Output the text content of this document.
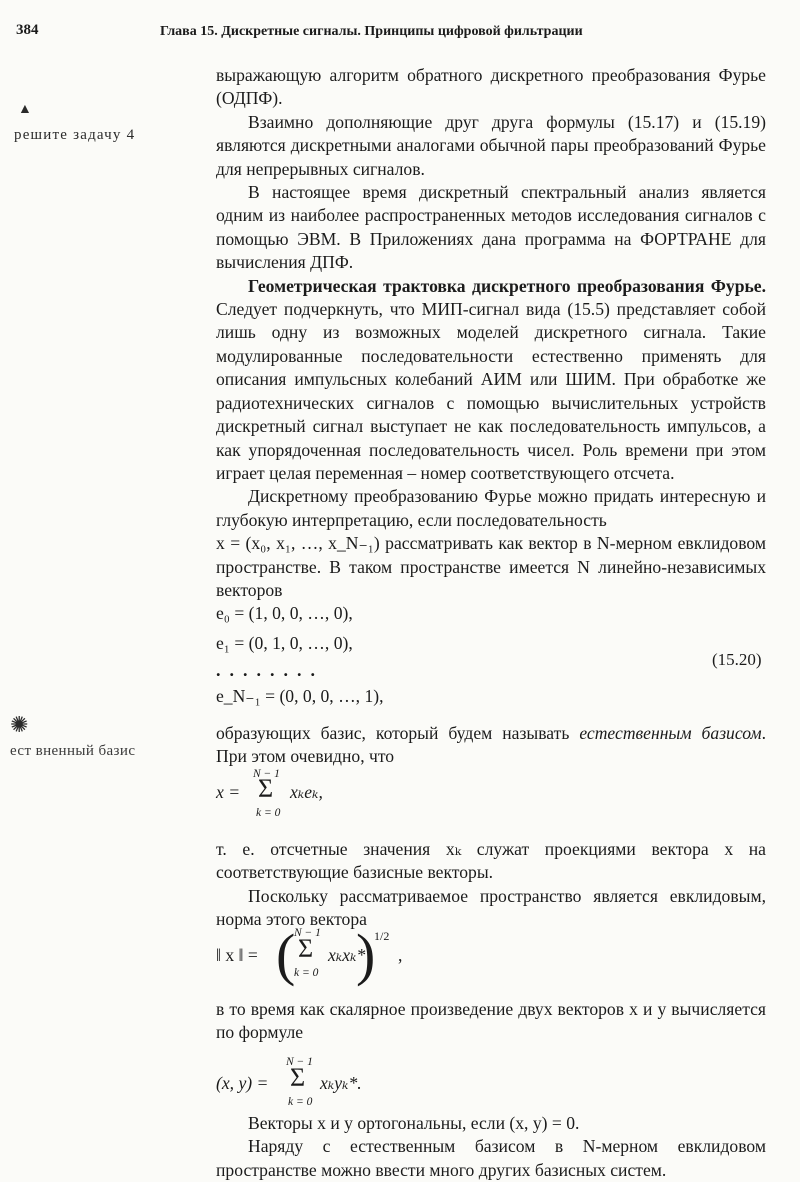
384	Глава 15. Дискретные сигналы. Принципы цифровой фильтрации
▲
решите задачу 4
✺
ест вненный базис

выражающую алгоритм обратного дискретного преобразования Фурье (ОДПФ).

Взаимно дополняющие друг друга формулы (15.17) и (15.19) являются дискретными аналогами обычной пары преобразований Фурье для непрерывных сигналов.

В настоящее время дискретный спектральный анализ является одним из наиболее распространенных методов исследования сигналов с помощью ЭВМ. В Приложениях дана программа на ФОРТРАНЕ для вычисления ДПФ.

Геометрическая трактовка дискретного преобразования Фурье. Следует подчеркнуть, что МИП-сигнал вида (15.5) представляет собой лишь одну из возможных моделей дискретного сигнала. Такие модулированные последовательности естественно применять для описания импульсных колебаний АИМ или ШИМ. При обработке же радиотехнических сигналов с помощью вычислительных устройств дискретный сигнал выступает не как последовательность импульсов, а как упорядоченная последовательность чисел. Роль времени при этом играет целая переменная – номер соответствующего отсчета.

Дискретному преобразованию Фурье можно придать интересную и глубокую интерпретацию, если последовательность

x = (x₀, x₁, …, x_N₋₁) рассматривать как вектор в N-мерном евклидовом пространстве. В таком пространстве имеется N линейно-независимых векторов

e₀ = (1, 0, 0, …, 0),
e₁ = (0, 1, 0, …, 0),
........
e_N₋₁ = (0, 0, 0, …, 1),
(15.20)

образующих базис, который будем называть естественным базисом. При этом очевидно, что

x =
N − 1
Σ
k = 0
xₖeₖ,

т. е. отсчетные значения xₖ служат проекциями вектора x на соответствующие базисные векторы.

Поскольку рассматриваемое пространство является евклидовым, норма этого вектора

‖ x ‖ = (
N − 1
Σ
k = 0
xₖxₖ*
)
1/2
,

в то время как скалярное произведение двух векторов x и y вычисляется по формуле

(x, y) =
N − 1
Σ
k = 0
xₖyₖ*.

Векторы x и y ортогональны, если (x, y) = 0.

Наряду с естественным базисом в N-мерном евклидовом пространстве можно ввести много других базисных систем.
